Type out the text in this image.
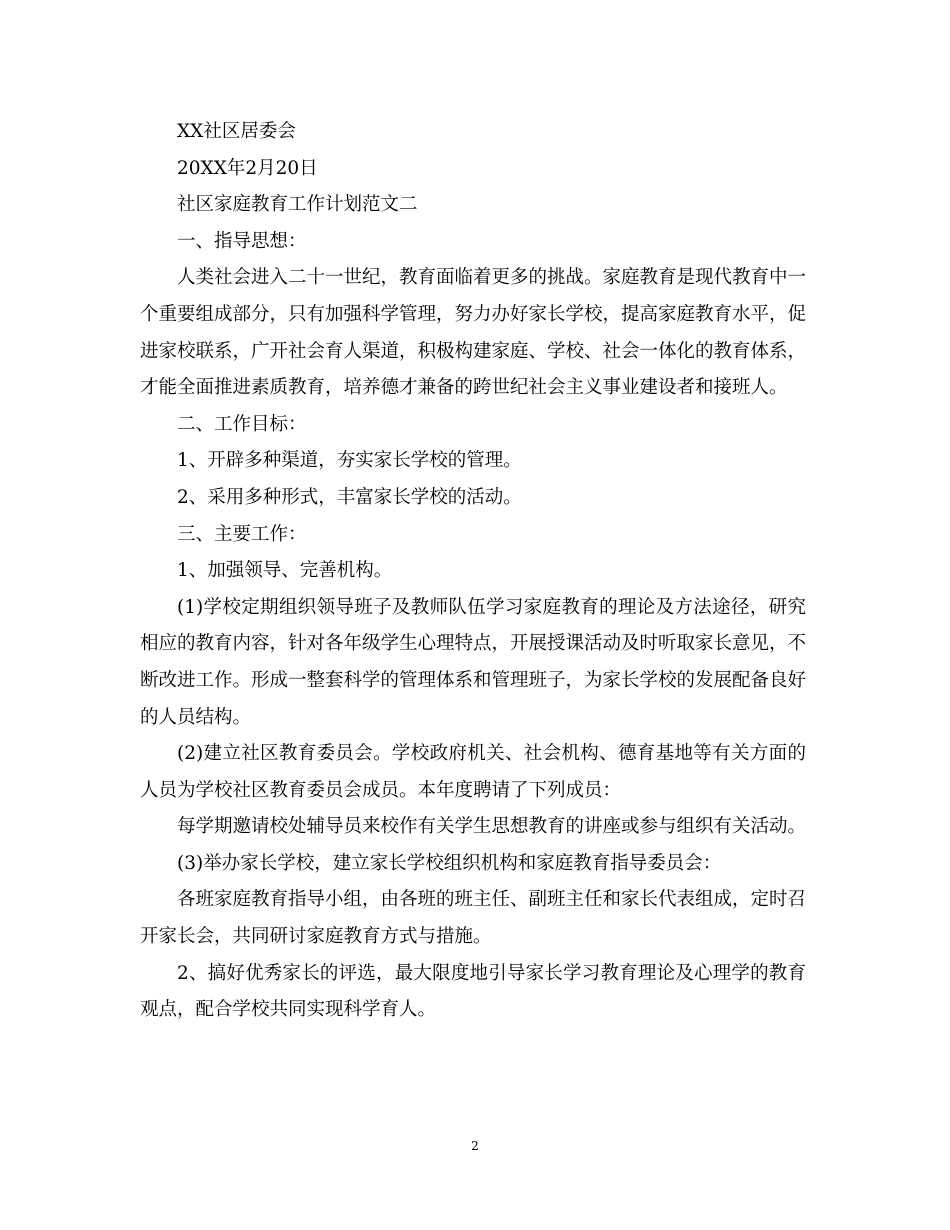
XX社区居委会

20XX年2月20日

社区家庭教育工作计划范文二

一、指导思想：

人类社会进入二十一世纪，教育面临着更多的挑战。家庭教育是现代教育中一个重要组成部分，只有加强科学管理，努力办好家长学校，提高家庭教育水平，促进家校联系，广开社会育人渠道，积极构建家庭、学校、社会一体化的教育体系，才能全面推进素质教育，培养德才兼备的跨世纪社会主义事业建设者和接班人。

二、工作目标：

1、开辟多种渠道，夯实家长学校的管理。

2、采用多种形式，丰富家长学校的活动。

三、主要工作：

1、加强领导、完善机构。

(1)学校定期组织领导班子及教师队伍学习家庭教育的理论及方法途径，研究相应的教育内容，针对各年级学生心理特点，开展授课活动及时听取家长意见，不断改进工作。形成一整套科学的管理体系和管理班子，为家长学校的发展配备良好的人员结构。

(2)建立社区教育委员会。学校政府机关、社会机构、德育基地等有关方面的人员为学校社区教育委员会成员。本年度聘请了下列成员：

每学期邀请校处辅导员来校作有关学生思想教育的讲座或参与组织有关活动。

(3)举办家长学校，建立家长学校组织机构和家庭教育指导委员会：

各班家庭教育指导小组，由各班的班主任、副班主任和家长代表组成，定时召开家长会，共同研讨家庭教育方式与措施。

2、搞好优秀家长的评选，最大限度地引导家长学习教育理论及心理学的教育观点，配合学校共同实现科学育人。

2
